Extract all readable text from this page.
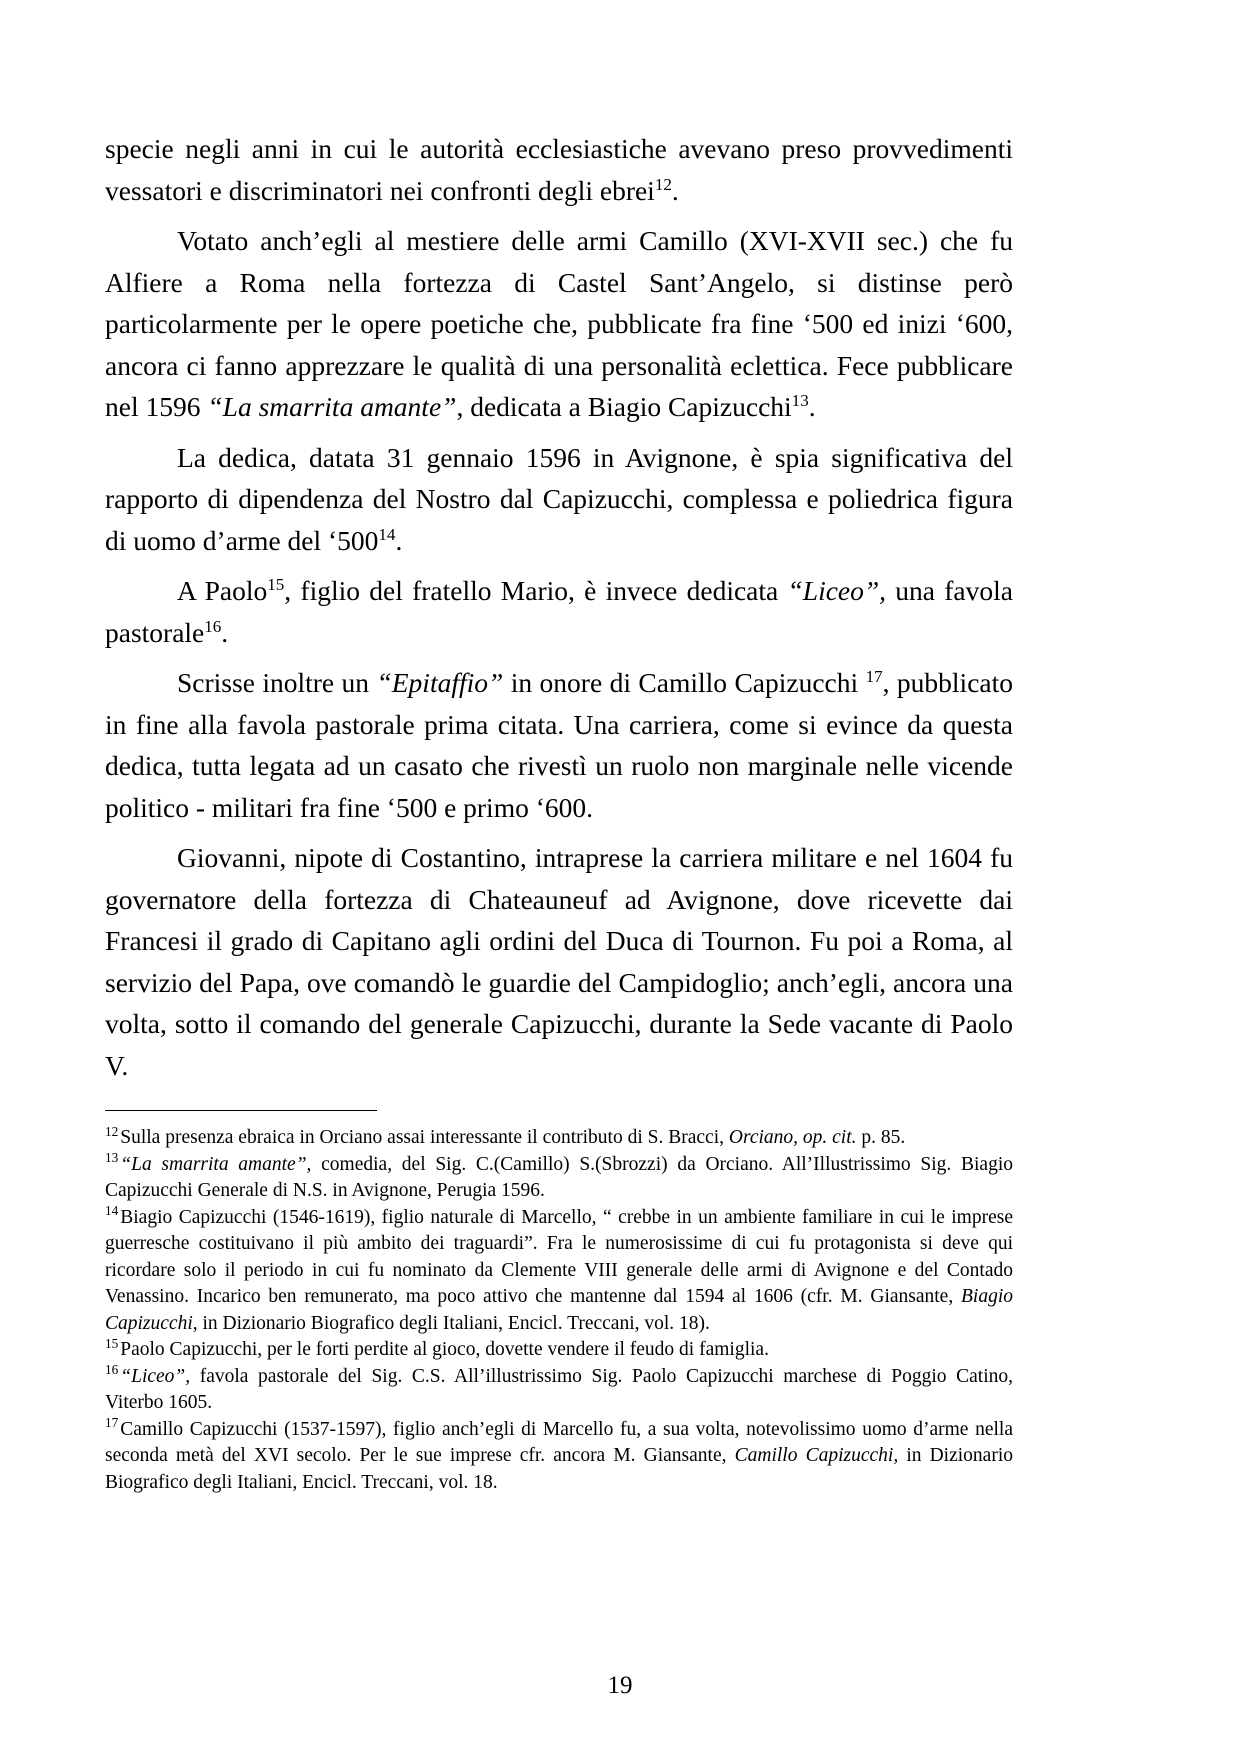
specie negli anni in cui le autorità ecclesiastiche avevano preso provvedimenti vessatori e discriminatori nei confronti degli ebrei$^{12}$.

Votato anch’egli al mestiere delle armi Camillo (XVI-XVII sec.) che fu Alfiere a Roma nella fortezza di Castel Sant’Angelo, si distinse però particolarmente per le opere poetiche che, pubblicate fra fine ‘500 ed inizi ‘600, ancora ci fanno apprezzare le qualità di una personalità eclettica. Fece pubblicare nel 1596 “La smarrita amante”, dedicata a Biagio Capizucchi$^{13}$.

La dedica, datata 31 gennaio 1596 in Avignone, è spia significativa del rapporto di dipendenza del Nostro dal Capizucchi, complessa e poliedrica figura di uomo d’arme del ‘$500^{14}$.

A Paolo$^{15}$, figlio del fratello Mario, è invece dedicata “Liceo”, una favola pastorale$^{16}$.

Scrisse inoltre un “Epitaffio” in onore di Camillo Capizucchi $^{17}$, pubblicato in fine alla favola pastorale prima citata. Una carriera, come si evince da questa dedica, tutta legata ad un casato che rivestì un ruolo non marginale nelle vicende politico - militari fra fine ‘500 e primo ‘600.

Giovanni, nipote di Costantino, intraprese la carriera militare e nel 1604 fu governatore della fortezza di Chateauneuf ad Avignone, dove ricevette dai Francesi il grado di Capitano agli ordini del Duca di Tournon. Fu poi a Roma, al servizio del Papa, ove comandò le guardie del Campidoglio; anch’egli, ancora una volta, sotto il comando del generale Capizucchi, durante la Sede vacante di Paolo V.

$^{12}$ Sulla presenza ebraica in Orciano assai interessante il contributo di S. Bracci, Orciano, op. cit. p. 85.

$^{13}$ “La smarrita amante”, comedia, del Sig. C.(Camillo) S.(Sbrozzi) da Orciano. All’Illustrissimo Sig. Biagio Capizucchi Generale di N.S. in Avignone, Perugia 1596.

$^{14}$ Biagio Capizucchi (1546-1619), figlio naturale di Marcello, “ crebbe in un ambiente familiare in cui le imprese guerresche costituivano il più ambito dei traguardi”. Fra le numerosissime di cui fu protagonista si deve qui ricordare solo il periodo in cui fu nominato da Clemente VIII generale delle armi di Avignone e del Contado Venassino. Incarico ben remunerato, ma poco attivo che mantenne dal 1594 al 1606 (cfr. M. Giansante, Biagio Capizucchi, in Dizionario Biografico degli Italiani, Encicl. Treccani, vol. 18).

$^{15}$ Paolo Capizucchi, per le forti perdite al gioco, dovette vendere il feudo di famiglia.

$^{16}$ “Liceo”, favola pastorale del Sig. C.S. All’illustrissimo Sig. Paolo Capizucchi marchese di Poggio Catino, Viterbo 1605.

$^{17}$ Camillo Capizucchi (1537-1597), figlio anch’egli di Marcello fu, a sua volta, notevolissimo uomo d’arme nella seconda metà del XVI secolo. Per le sue imprese cfr. ancora M. Giansante, Camillo Capizucchi, in Dizionario Biografico degli Italiani, Encicl. Treccani, vol. 18.

19
